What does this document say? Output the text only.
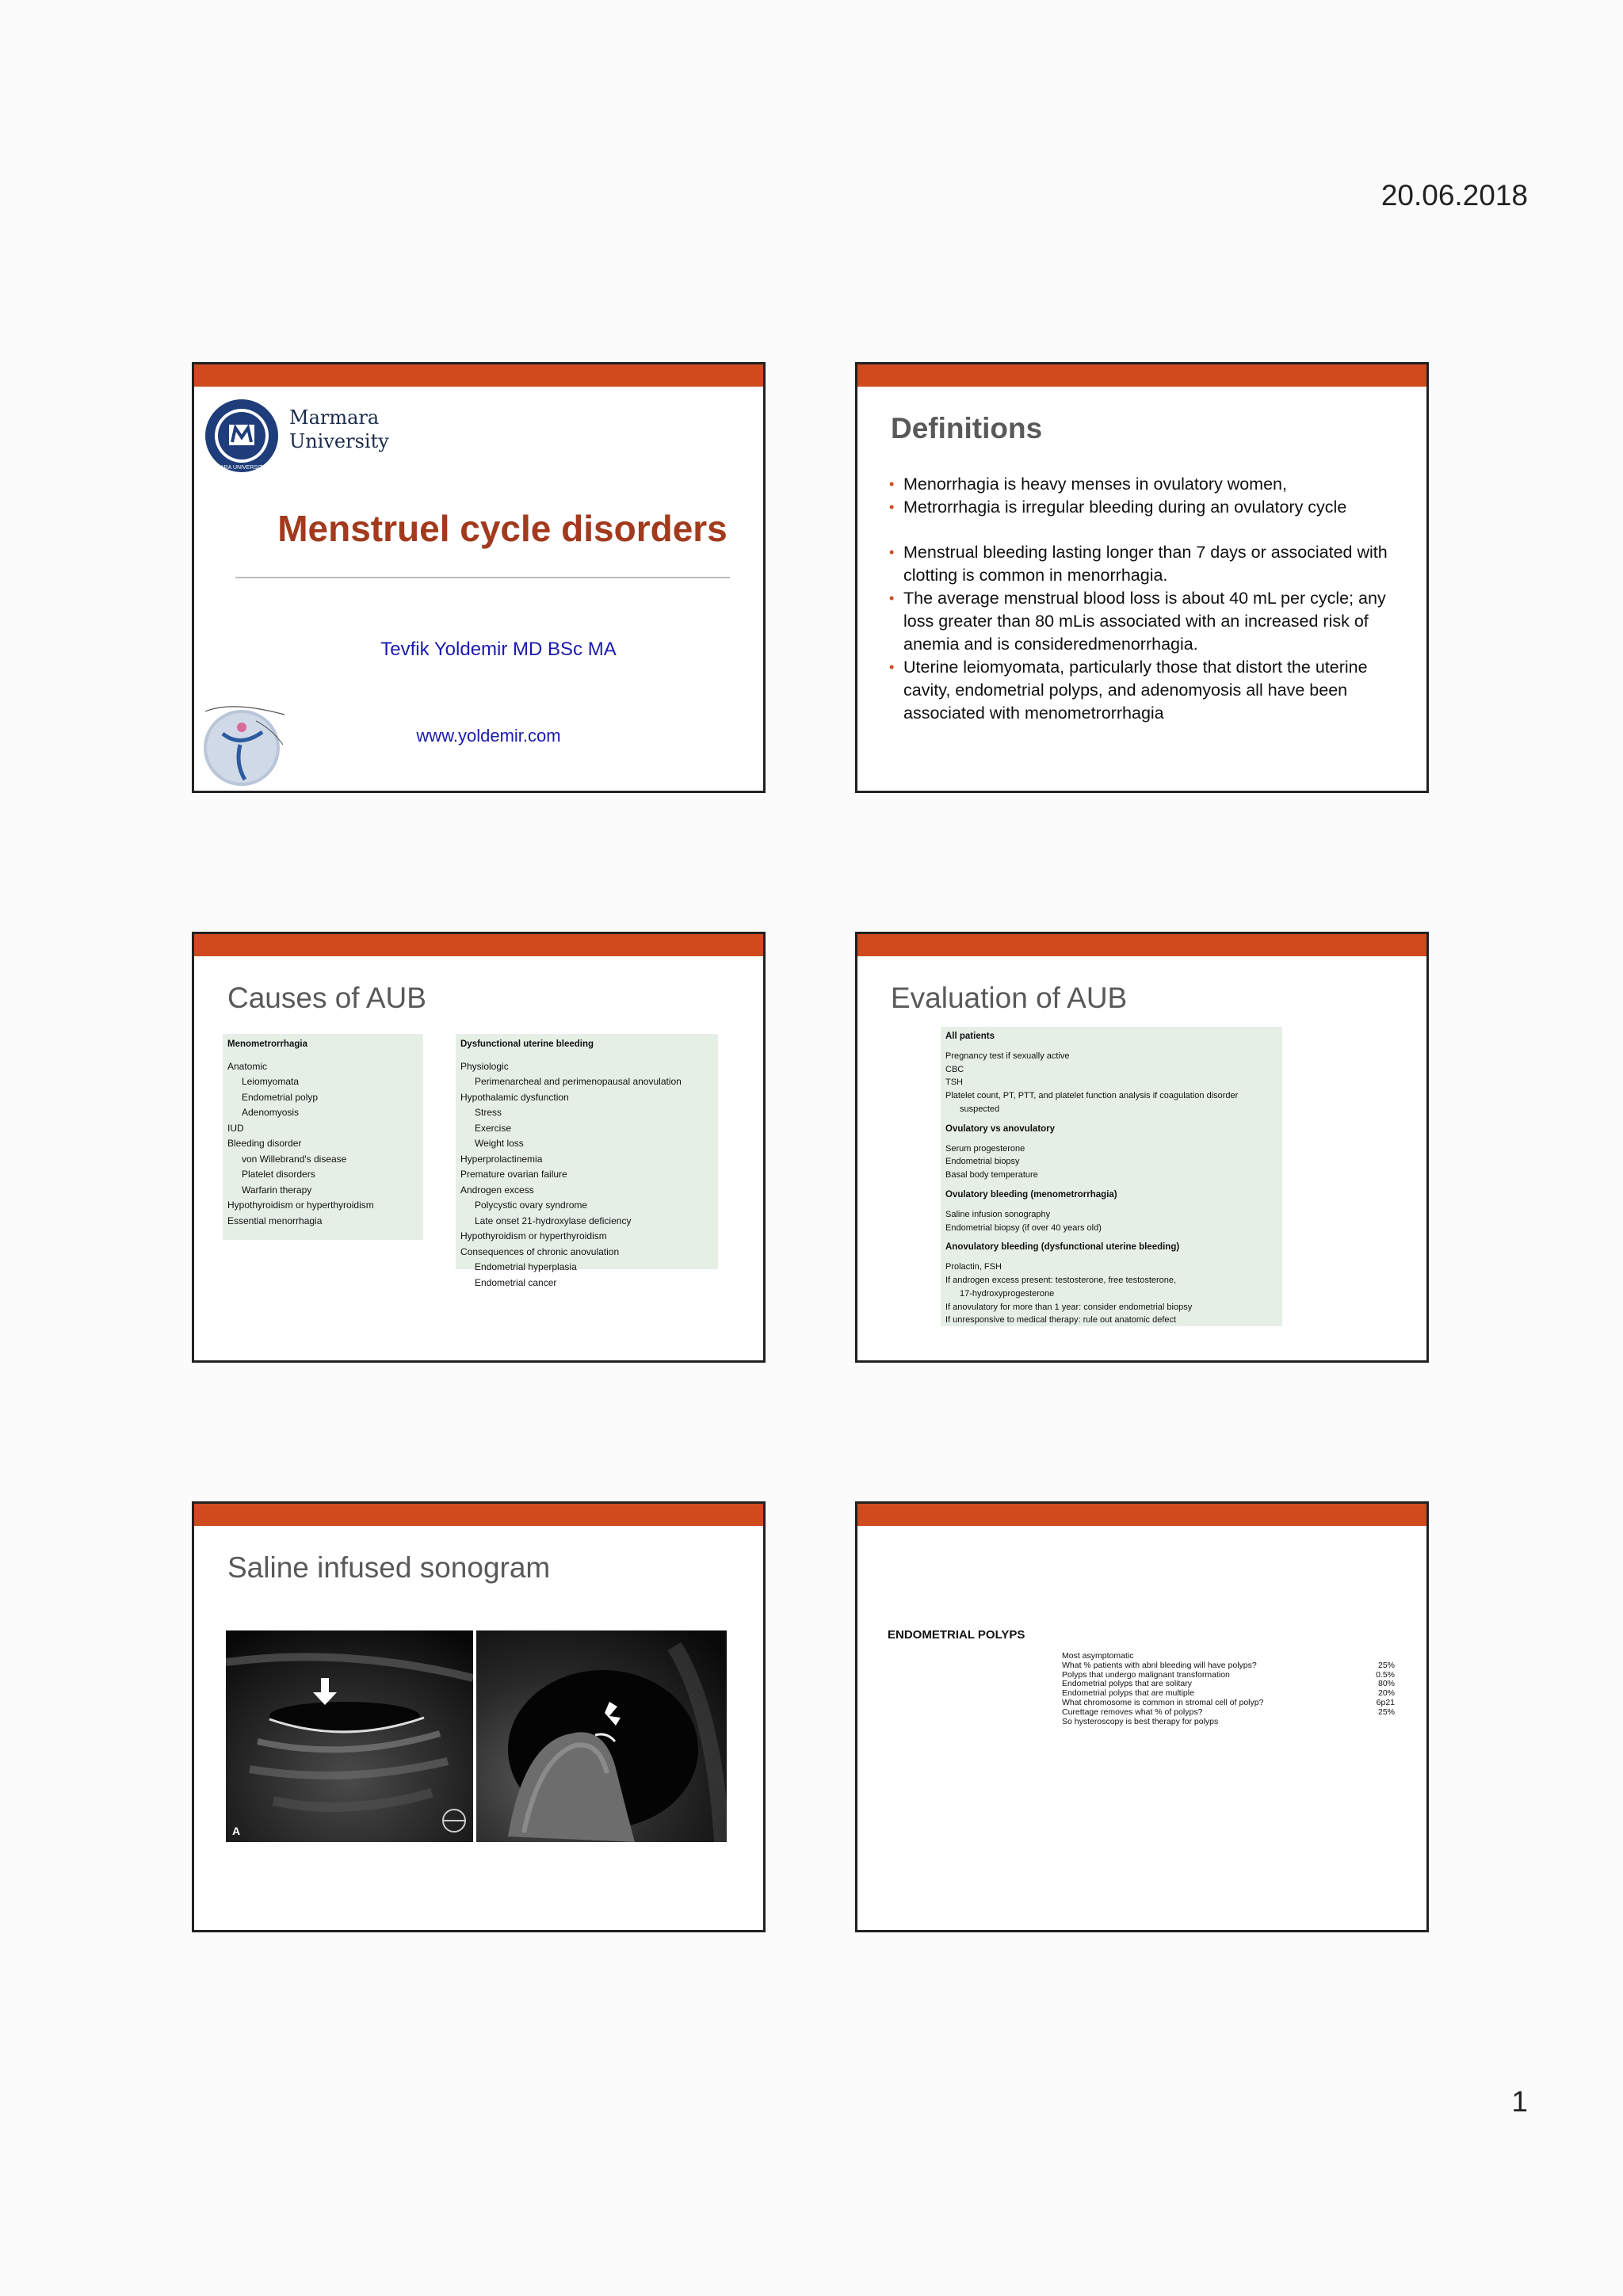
20.06.2018
MARMARA UNIVERSITY 1883
Marmara
University
Menstruel cycle disorders
Tevfik Yoldemir MD BSc MA
www.yoldemir.com
Definitions
• Menorrhagia is heavy menses in ovulatory women,
• Metrorrhagia is irregular bleeding during an ovulatory cycle
• Menstrual bleeding lasting longer than 7 days or associated with clotting is common in menorrhagia.
• The average menstrual blood loss is about 40 mL per cycle; any loss greater than 80 mLis associated with an increased risk of anemia and is consideredmenorrhagia.
• Uterine leiomyomata, particularly those that distort the uterine cavity, endometrial polyps, and adenomyosis all have been associated with menometrorrhagia
Causes of AUB
Menometrorrhagia
Anatomic
Leiomyomata
Endometrial polyp
Adenomyosis
IUD
Bleeding disorder
von Willebrand's disease
Platelet disorders
Warfarin therapy
Hypothyroidism or hyperthyroidism
Essential menorrhagia
Dysfunctional uterine bleeding
Physiologic
Perimenarcheal and perimenopausal anovulation
Hypothalamic dysfunction
Stress
Exercise
Weight loss
Hyperprolactinemia
Premature ovarian failure
Androgen excess
Polycystic ovary syndrome
Late onset 21-hydroxylase deficiency
Hypothyroidism or hyperthyroidism
Consequences of chronic anovulation
Endometrial hyperplasia
Endometrial cancer
Evaluation of AUB
All patients
Pregnancy test if sexually active
CBC
TSH
Platelet count, PT, PTT, and platelet function analysis if coagulation disorder
suspected
Ovulatory vs anovulatory
Serum progesterone
Endometrial biopsy
Basal body temperature
Ovulatory bleeding (menometrorrhagia)
Saline infusion sonography
Endometrial biopsy (if over 40 years old)
Anovulatory bleeding (dysfunctional uterine bleeding)
Prolactin, FSH
If androgen excess present: testosterone, free testosterone,
17-hydroxyprogesterone
If anovulatory for more than 1 year: consider endometrial biopsy
If unresponsive to medical therapy: rule out anatomic defect
Saline infused sonogram
A
ENDOMETRIAL POLYPS
Most asymptomatic
What % patients with abnl bleeding will have polyps?	25%
Polyps that undergo malignant transformation	0.5%
Endometrial polyps that are solitary	80%
Endometrial polyps that are multiple	20%
What chromosome is common in stromal cell of polyp?	6p21
Curettage removes what % of polyps?	25%
So hysteroscopy is best therapy for polyps
1
